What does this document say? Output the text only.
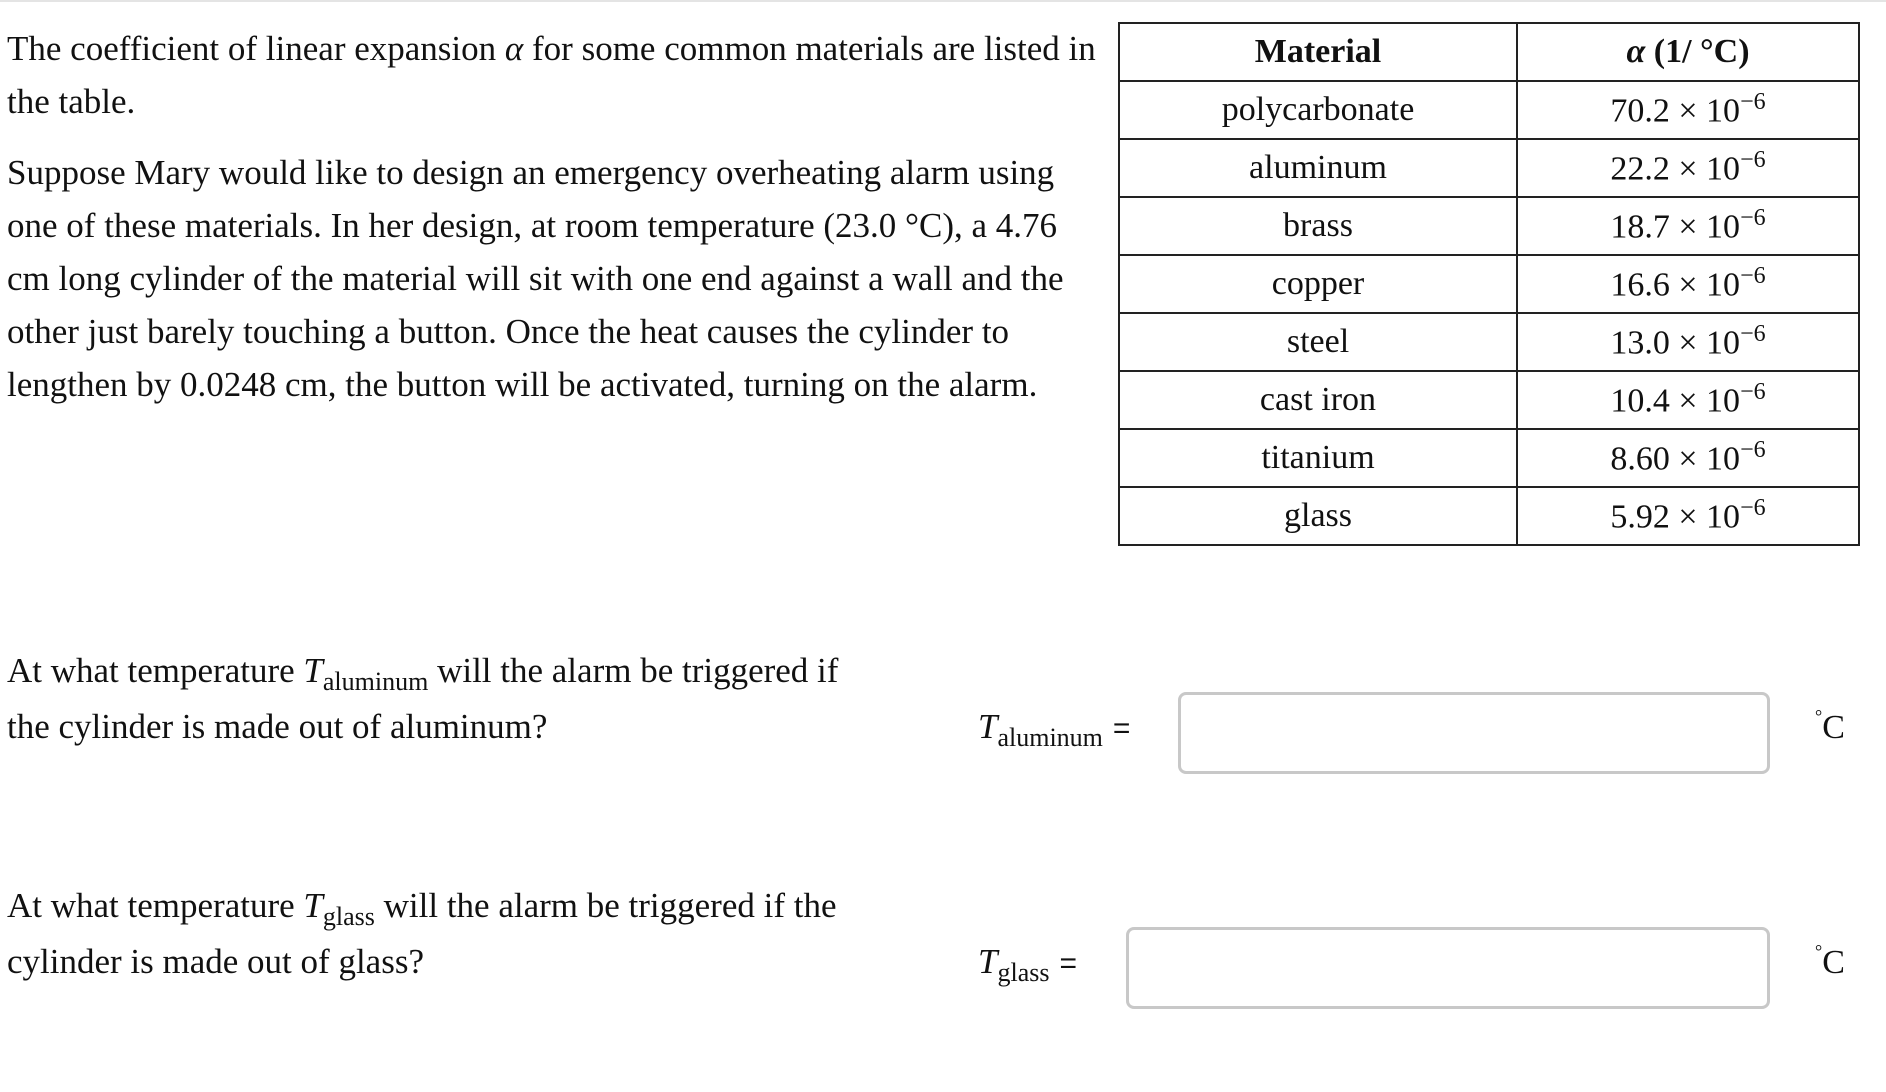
The coefficient of linear expansion α for some common materials are listed in the table.

Suppose Mary would like to design an emergency overheating alarm using one of these materials. In her design, at room temperature (23.0 °C), a 4.76 cm long cylinder of the material will sit with one end against a wall and the other just barely touching a button. Once the heat causes the cylinder to lengthen by 0.0248 cm, the button will be activated, turning on the alarm.

Material	α (1/ °C)
polycarbonate	$70.2 \times 10^{-6}$
aluminum	$22.2 \times 10^{-6}$
brass	$18.7 \times 10^{-6}$
copper	$16.6 \times 10^{-6}$
steel	$13.0 \times 10^{-6}$
cast iron	$10.4 \times 10^{-6}$
titanium	$8.60 \times 10^{-6}$
glass	$5.92 \times 10^{-6}$
At what temperature $T_{aluminum}$ will the alarm be triggered if the cylinder is made out of aluminum?	$T_{aluminum}$ =	°C
At what temperature $T_{glass}$ will the alarm be triggered if the cylinder is made out of glass?	$T_{glass}$ =	°C
